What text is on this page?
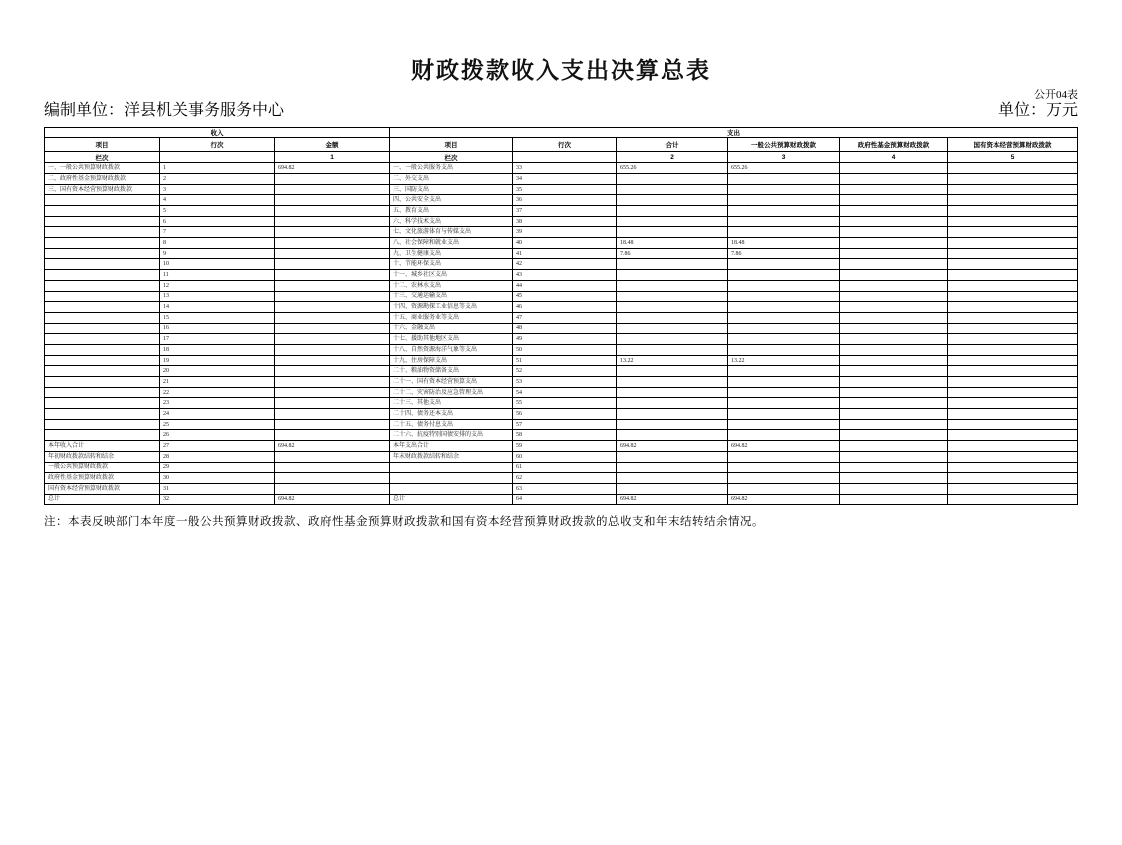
财政拨款收入支出决算总表
公开04表
编制单位：洋县机关事务服务中心	单位：万元
收入			支出					
项目	行次	金额	项目	行次	合计	一般公共预算财政拨款	政府性基金预算财政拨款	国有资本经营预算财政拨款
栏次		1	栏次		2	3	4	5
一、一般公共预算财政拨款	1	694.82	一、一般公共服务支出	33	655.26	655.26		
二、政府性基金预算财政拨款	2		二、外交支出	34				
三、国有资本经营预算财政拨款	3		三、国防支出	35				
	4		四、公共安全支出	36				
	5		五、教育支出	37				
	6		六、科学技术支出	38				
	7		七、文化旅游体育与传媒支出	39				
	8		八、社会保障和就业支出	40	18.48	18.48		
	9		九、卫生健康支出	41	7.86	7.86		
	10		十、节能环保支出	42				
	11		十一、城乡社区支出	43				
	12		十二、农林水支出	44				
	13		十三、交通运输支出	45				
	14		十四、资源勘探工业信息等支出	46				
	15		十五、商业服务业等支出	47				
	16		十六、金融支出	48				
	17		十七、援助其他地区支出	49				
	18		十八、自然资源海洋气象等支出	50				
	19		十九、住房保障支出	51	13.22	13.22		
	20		二十、粮油物资储备支出	52				
	21		二十一、国有资本经营预算支出	53				
	22		二十二、灾害防治及应急管理支出	54				
	23		二十三、其他支出	55				
	24		二十四、债务还本支出	56				
	25		二十五、债务付息支出	57				
	26		二十六、抗疫特别国债安排的支出	58				
本年收入合计	27	694.82	本年支出合计	59	694.82	694.82		
年初财政拨款结转和结余	28		年末财政拨款结转和结余	60				
一般公共预算财政拨款	29			61				
政府性基金预算财政拨款	30			62				
国有资本经营预算财政拨款	31			63				
总计	32	694.82	总计	64	694.82	694.82		

注：本表反映部门本年度一般公共预算财政拨款、政府性基金预算财政拨款和国有资本经营预算财政拨款的总收支和年末结转结余情况。
